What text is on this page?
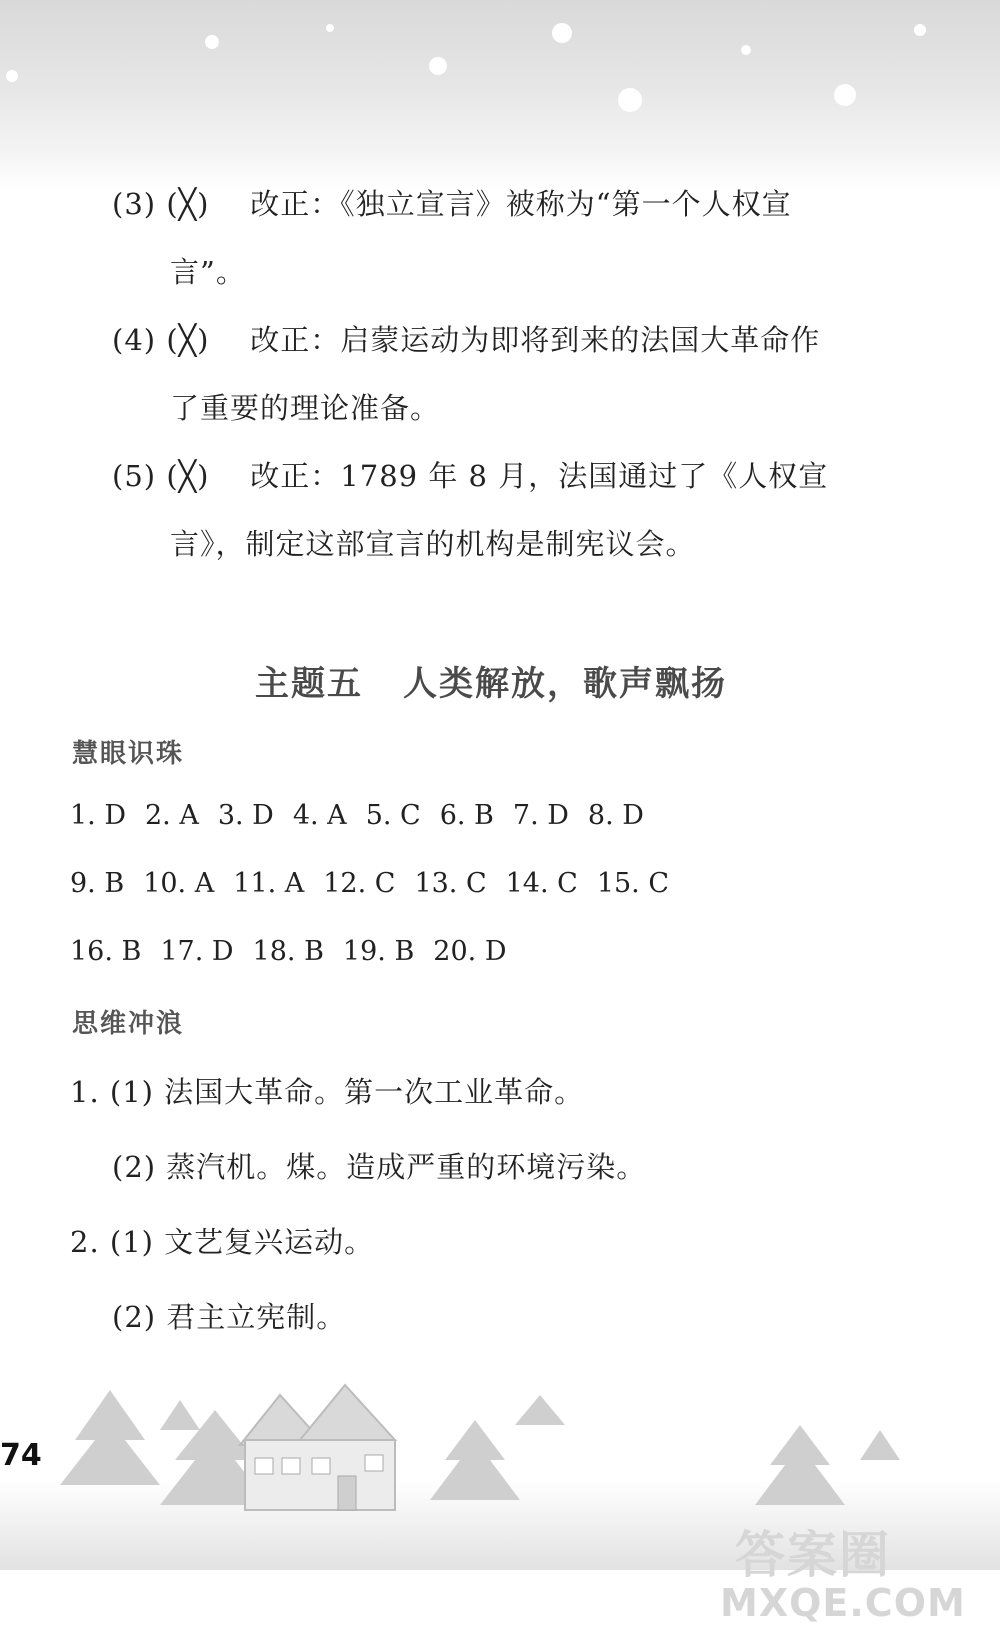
(3) (╳) 改正：《独立宣言》被称为“第一个人权宣
言”。
(4) (╳) 改正：启蒙运动为即将到来的法国大革命作
了重要的理论准备。
(5) (╳) 改正：1789 年 8 月，法国通过了《人权宣
言》，制定这部宣言的机构是制宪议会。
主题五 人类解放，歌声飘扬
慧眼识珠
1. D 2. A 3. D 4. A 5. C 6. B 7. D 8. D
9. B 10. A 11. A 12. C 13. C 14. C 15. C
16. B 17. D 18. B 19. B 20. D
思维冲浪
1. (1) 法国大革命。第一次工业革命。
(2) 蒸汽机。煤。造成严重的环境污染。
2. (1) 文艺复兴运动。
(2) 君主立宪制。
74
答案圈
MXQE.COM
